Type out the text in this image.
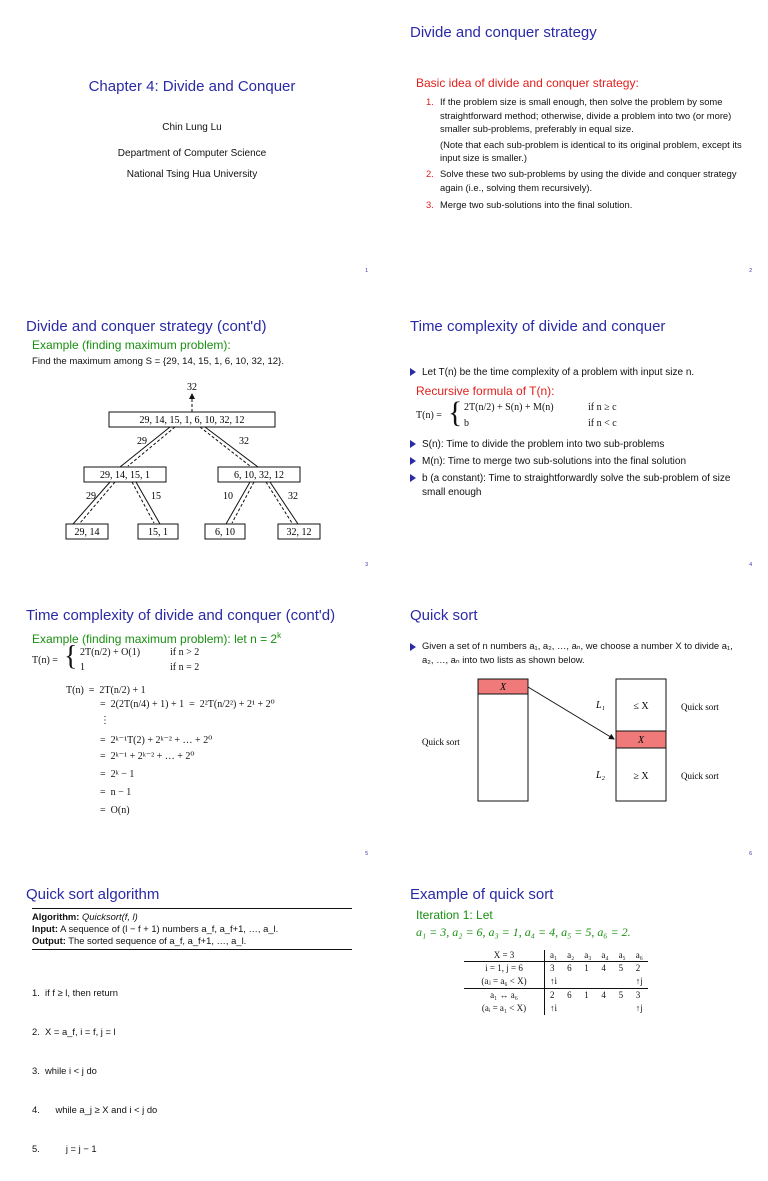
Chapter 4: Divide and Conquer
Chin Lung Lu
Department of Computer Science
National Tsing Hua University
1
Divide and conquer strategy
Basic idea of divide and conquer strategy:
1. If the problem size is small enough, then solve the problem by some straightforward method; otherwise, divide a problem into two (or more) smaller sub-problems, preferably in equal size.
(Note that each sub-problem is identical to its original problem, except its input size is smaller.)
2. Solve these two sub-problems by using the divide and conquer strategy again (i.e., solving them recursively).
3. Merge two sub-solutions into the final solution.
2
Divide and conquer strategy (cont'd)
Example (finding maximum problem):
Find the maximum among S = {29, 14, 15, 1, 6, 10, 32, 12}.
32
29, 14, 15, 1, 6, 10, 32, 12
29	32
29, 14, 15, 1	6, 10, 32, 12
29	15	10	32
29, 14	15, 1	6, 10	32, 12
3
Time complexity of divide and conquer
Let T(n) be the time complexity of a problem with input size n.
Recursive formula of T(n):
T(n) = { 2T(n/2) + S(n) + M(n)	if n ≥ c
b	if n < c
S(n): Time to divide the problem into two sub-problems
M(n): Time to merge two sub-solutions into the final solution
b (a constant): Time to straightforwardly solve the sub-problem of size small enough
4
Time complexity of divide and conquer (cont'd)
Example (finding maximum problem): let $n = 2^k$
T(n) = { 2T(n/2) + O(1)	if n > 2
1	if n = 2
T(n)  =  2T(n/2) + 1
=  2(2T(n/4) + 1) + 1  =  2²T(n/2²) + 2¹ + 2⁰
⋮
=  2ᵏ⁻¹T(2) + 2ᵏ⁻² + … + 2⁰
=  2ᵏ⁻¹ + 2ᵏ⁻² + … + 2⁰
=  2ᵏ − 1
=  n − 1
=  O(n)
5
Quick sort
Given a set of n numbers a₁, a₂, …, aₙ, we choose a number X to divide a₁, a₂, …, aₙ into two lists as shown below.
X
X
≤ X
≥ X
L₁
L₂
Quick sort
Quick sort
Quick sort
6
Quick sort algorithm
Algorithm: Quicksort(f, l)
Input: A sequence of (l − f + 1) numbers a_f, a_f+1, …, a_l.
Output: The sorted sequence of a_f, a_f+1, …, a_l.

1.  if f ≥ l, then return

2.  X = a_f, i = f, j = l

3.  while i < j do

4.      while a_j ≥ X and i < j do

5.          j = j − 1

Example of quick sort
Iteration 1: Let
a₁ = 3, a₂ = 6, a₃ = 1, a₄ = 4, a₅ = 5, a₆ = 2.
X = 3	a₁	a₂	a₃	a₄	a₅	a₆
i = 1, j = 6	3	6	1	4	5	2
(aⱼ = a₆ < X)	↑i					↑j
a₁ ↔ a₆	2	6	1	4	5	3
(aᵢ = a₁ < X)	↑i					↑j
